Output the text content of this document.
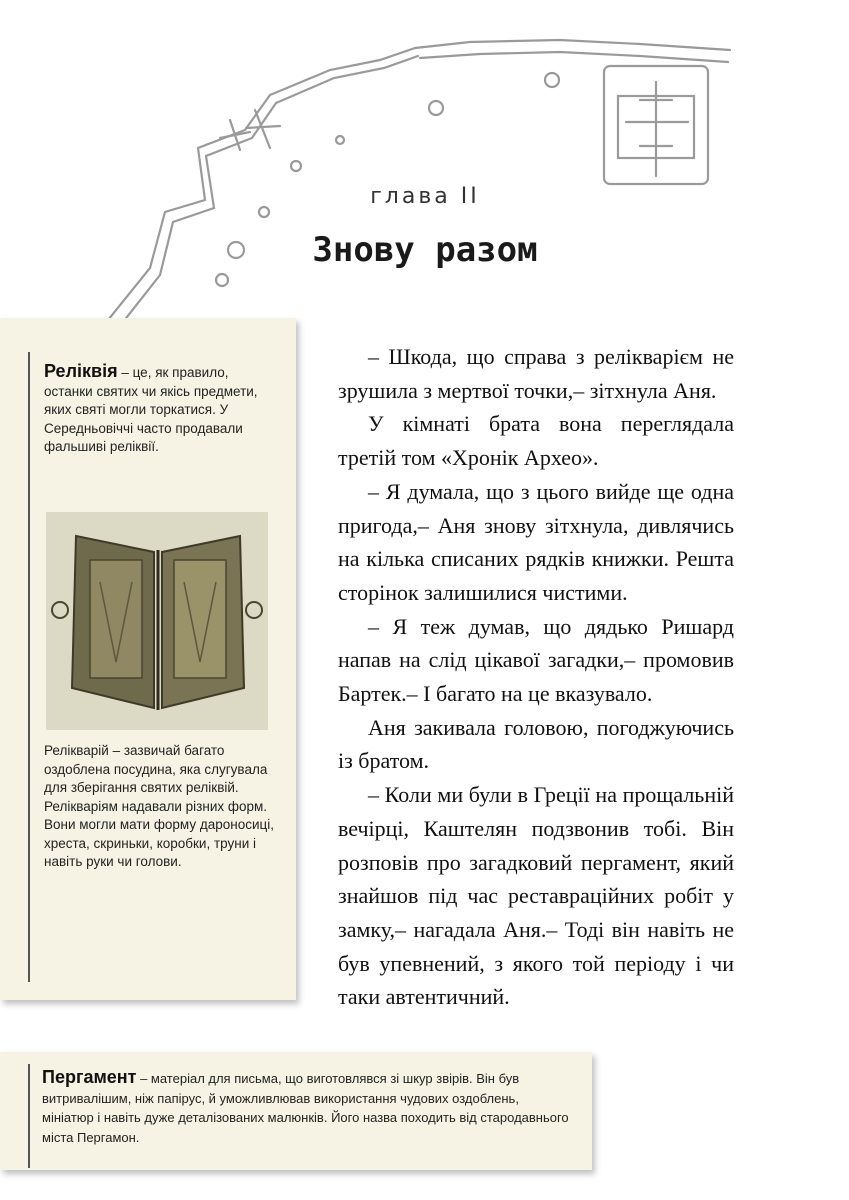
глава II
Знову разом

Реліквія – це, як правило, останки святих чи якісь предмети, яких святі могли торкатися. У Середньовіччі часто продавали фальшиві реліквії.

Релікварій – зазвичай багато оздоблена посудина, яка слугувала для зберігання святих реліквій. Релікваріям надавали різних форм. Вони могли мати форму дароносиці, хреста, скриньки, коробки, труни і навіть руки чи голови.

– Шкода, що справа з релікварієм не зрушила з мертвої точки,– зітхнула Аня.

У кімнаті брата вона переглядала третій том «Хронік Архео».

– Я думала, що з цього вийде ще одна пригода,– Аня знову зітхнула, дивлячись на кілька списаних рядків книжки. Решта сторінок залишилися чистими.

– Я теж думав, що дядько Ришард напав на слід цікавої загадки,– промовив Бартек.– І багато на це вказувало.

Аня закивала головою, погоджуючись із братом.

– Коли ми були в Греції на прощальній вечірці, Каштелян подзвонив тобі. Він розповів про загадковий пергамент, який знайшов під час реставраційних робіт у замку,– нагадала Аня.– Тоді він навіть не був упевнений, з якого той періоду і чи таки автентичний.

Пергамент – матеріал для письма, що виготовлявся зі шкур звірів. Він був витривалішим, ніж папірус, й уможливлював використання чудових оздоблень, мініатюр і навіть дуже деталізованих малюнків. Його назва походить від стародавнього міста Пергамон.
